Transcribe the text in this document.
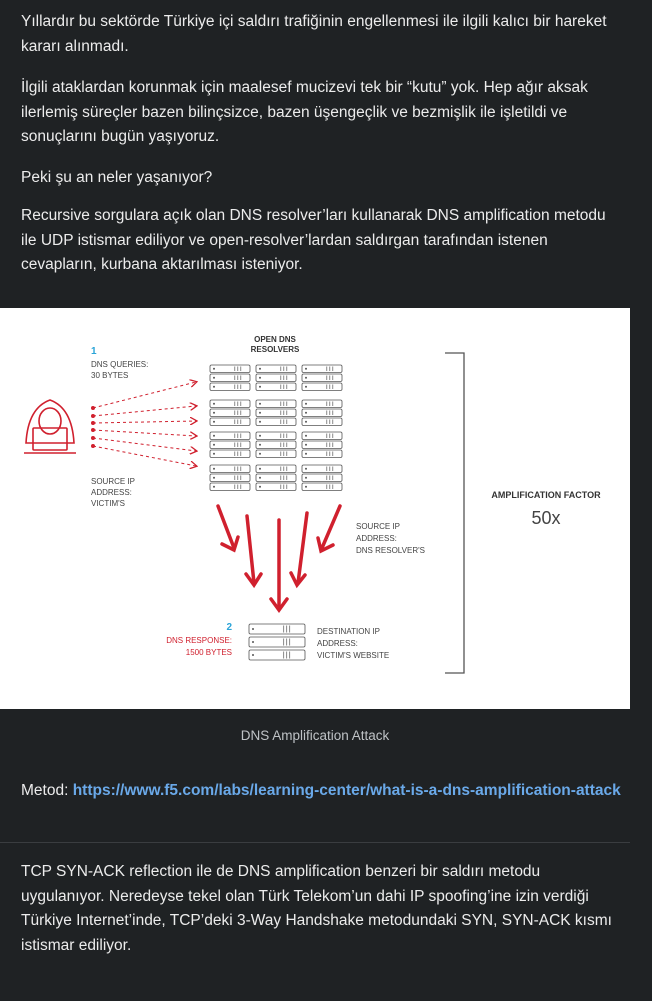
Yıllardır bu sektörde Türkiye içi saldırı trafiğinin engellenmesi ile ilgili kalıcı bir hareket kararı alınmadı.

İlgili ataklardan korunmak için maalesef mucizevi tek bir “kutu” yok. Hep ağır aksak ilerlemiş süreçler bazen bilinçsizce, bazen üşengeçlik ve bezmişlik ile işletildi ve sonuçlarını bugün yaşıyoruz.

Peki şu an neler yaşanıyor?

Recursive sorgulara açık olan DNS resolver’ları kullanarak DNS amplification metodu ile UDP istismar ediliyor ve open-resolver’lardan saldırgan tarafından istenen cevapların, kurbana aktarılması isteniyor.

OPEN DNS
RESOLVERS
1
DNS QUERIES:
30 BYTES
SOURCE IP
ADDRESS:
VICTIM'S
AMPLIFICATION FACTOR
50x
SOURCE IP
ADDRESS:
DNS RESOLVER'S
2
DNS RESPONSE:
1500 BYTES
DESTINATION IP
ADDRESS:
VICTIM'S WEBSITE
DNS Amplification Attack
Metod: https://www.f5.com/labs/learning-center/what-is-a-dns-amplification-attack

TCP SYN-ACK reflection ile de DNS amplification benzeri bir saldırı metodu uygulanıyor. Neredeyse tekel olan Türk Telekom’un dahi IP spoofing’ine izin verdiği Türkiye Internet’inde, TCP’deki 3-Way Handshake metodundaki SYN, SYN-ACK kısmı istismar ediliyor.
